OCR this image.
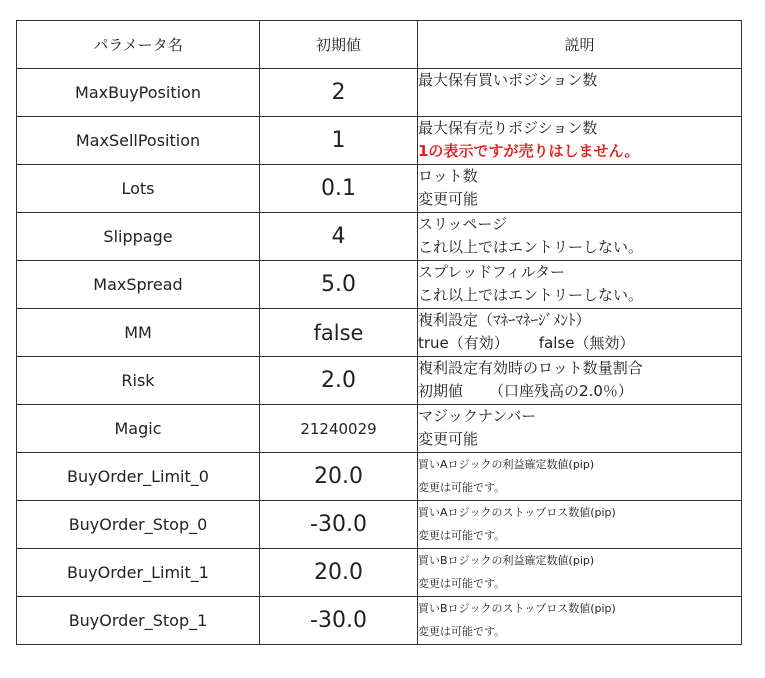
パラメータ名	初期値	説明
MaxBuyPosition	2	最大保有買いポジション数

MaxSellPosition	1	最大保有売りポジション数
1の表示ですが売りはしません。

Lots	0.1	ロット数
変更可能

Slippage	4	スリッページ
これ以上ではエントリーしない。

MaxSpread	5.0	スプレッドフィルター
これ以上ではエントリーしない。

MM	false	複利設定（ﾏﾈｰﾏﾈｰｼﾞﾒﾝﾄ）
true（有効） false（無効）

Risk	2.0	複利設定有効時のロット数量割合
初期値 （口座残高の2.0％）

Magic	21240029	マジックナンバー
変更可能

BuyOrder_Limit_0	20.0	買いAロジックの利益確定数値(pip)
変更は可能です。

BuyOrder_Stop_0	-30.0	買いAロジックのストップロス数値(pip)
変更は可能です。

BuyOrder_Limit_1	20.0	買いBロジックの利益確定数値(pip)
変更は可能です。

BuyOrder_Stop_1	-30.0	買いBロジックのストップロス数値(pip)
変更は可能です。
